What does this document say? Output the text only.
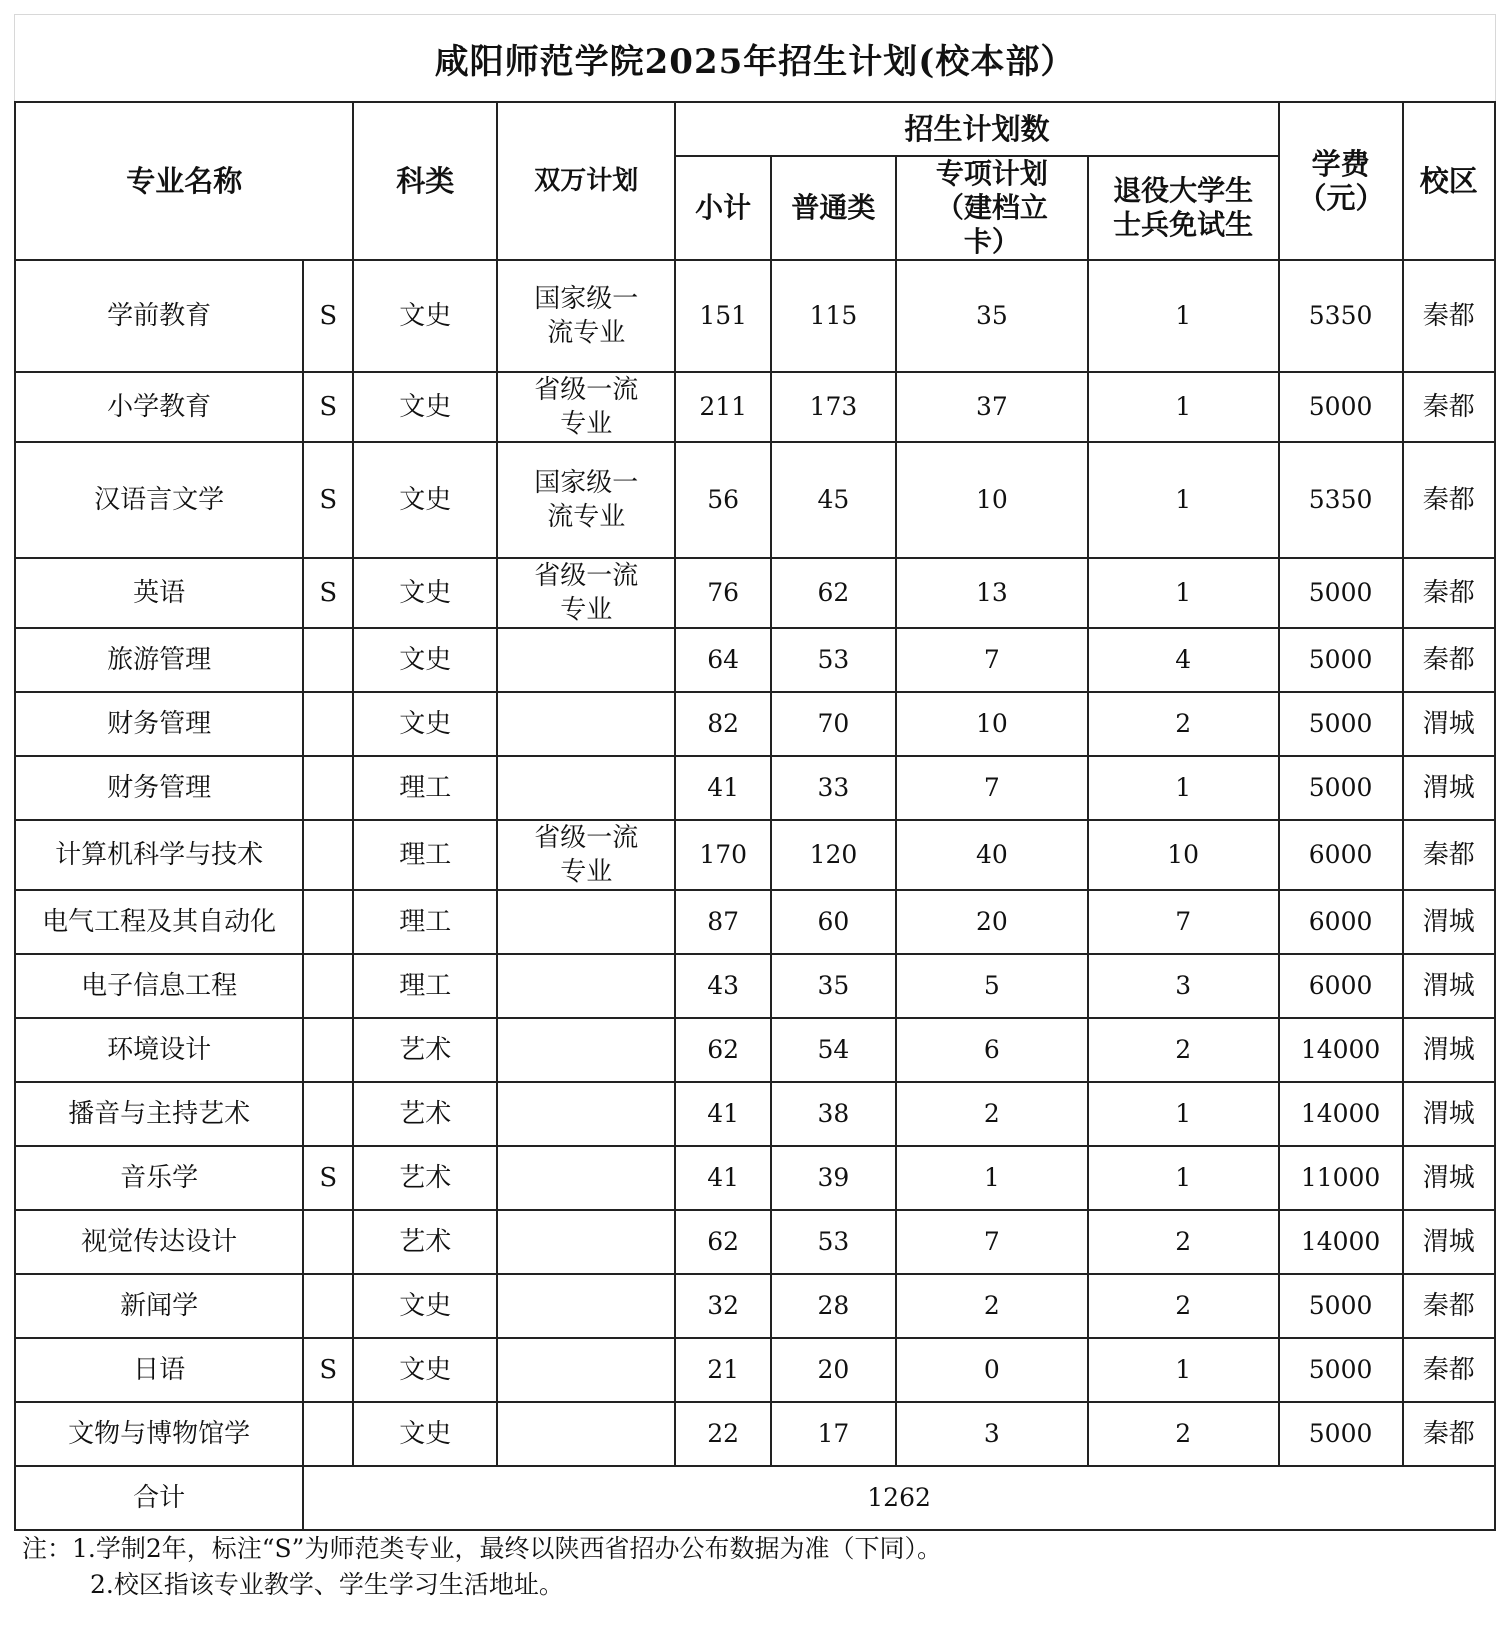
咸阳师范学院2025年招生计划(校本部）
专业名称		科类	双万计划	招生计划数				学费（元）	校区
				小计	普通类	专项计划（建档立卡）	退役大学生士兵免试生		
学前教育	S	文史	国家级一流专业	151	115	35	1	5350	秦都
小学教育	S	文史	省级一流专业	211	173	37	1	5000	秦都
汉语言文学	S	文史	国家级一流专业	56	45	10	1	5350	秦都
英语	S	文史	省级一流专业	76	62	13	1	5000	秦都
旅游管理		文史		64	53	7	4	5000	秦都
财务管理		文史		82	70	10	2	5000	渭城
财务管理		理工		41	33	7	1	5000	渭城
计算机科学与技术		理工	省级一流专业	170	120	40	10	6000	秦都
电气工程及其自动化		理工		87	60	20	7	6000	渭城
电子信息工程		理工		43	35	5	3	6000	渭城
环境设计		艺术		62	54	6	2	14000	渭城
播音与主持艺术		艺术		41	38	2	1	14000	渭城
音乐学	S	艺术		41	39	1	1	11000	渭城
视觉传达设计		艺术		62	53	7	2	14000	渭城
新闻学		文史		32	28	2	2	5000	秦都
日语	S	文史		21	20	0	1	5000	秦都
文物与博物馆学		文史		22	17	3	2	5000	秦都
合计	1262								
注：1.学制2年，标注“S”为师范类专业，最终以陕西省招办公布数据为准（下同）。
2.校区指该专业教学、学生学习生活地址。
